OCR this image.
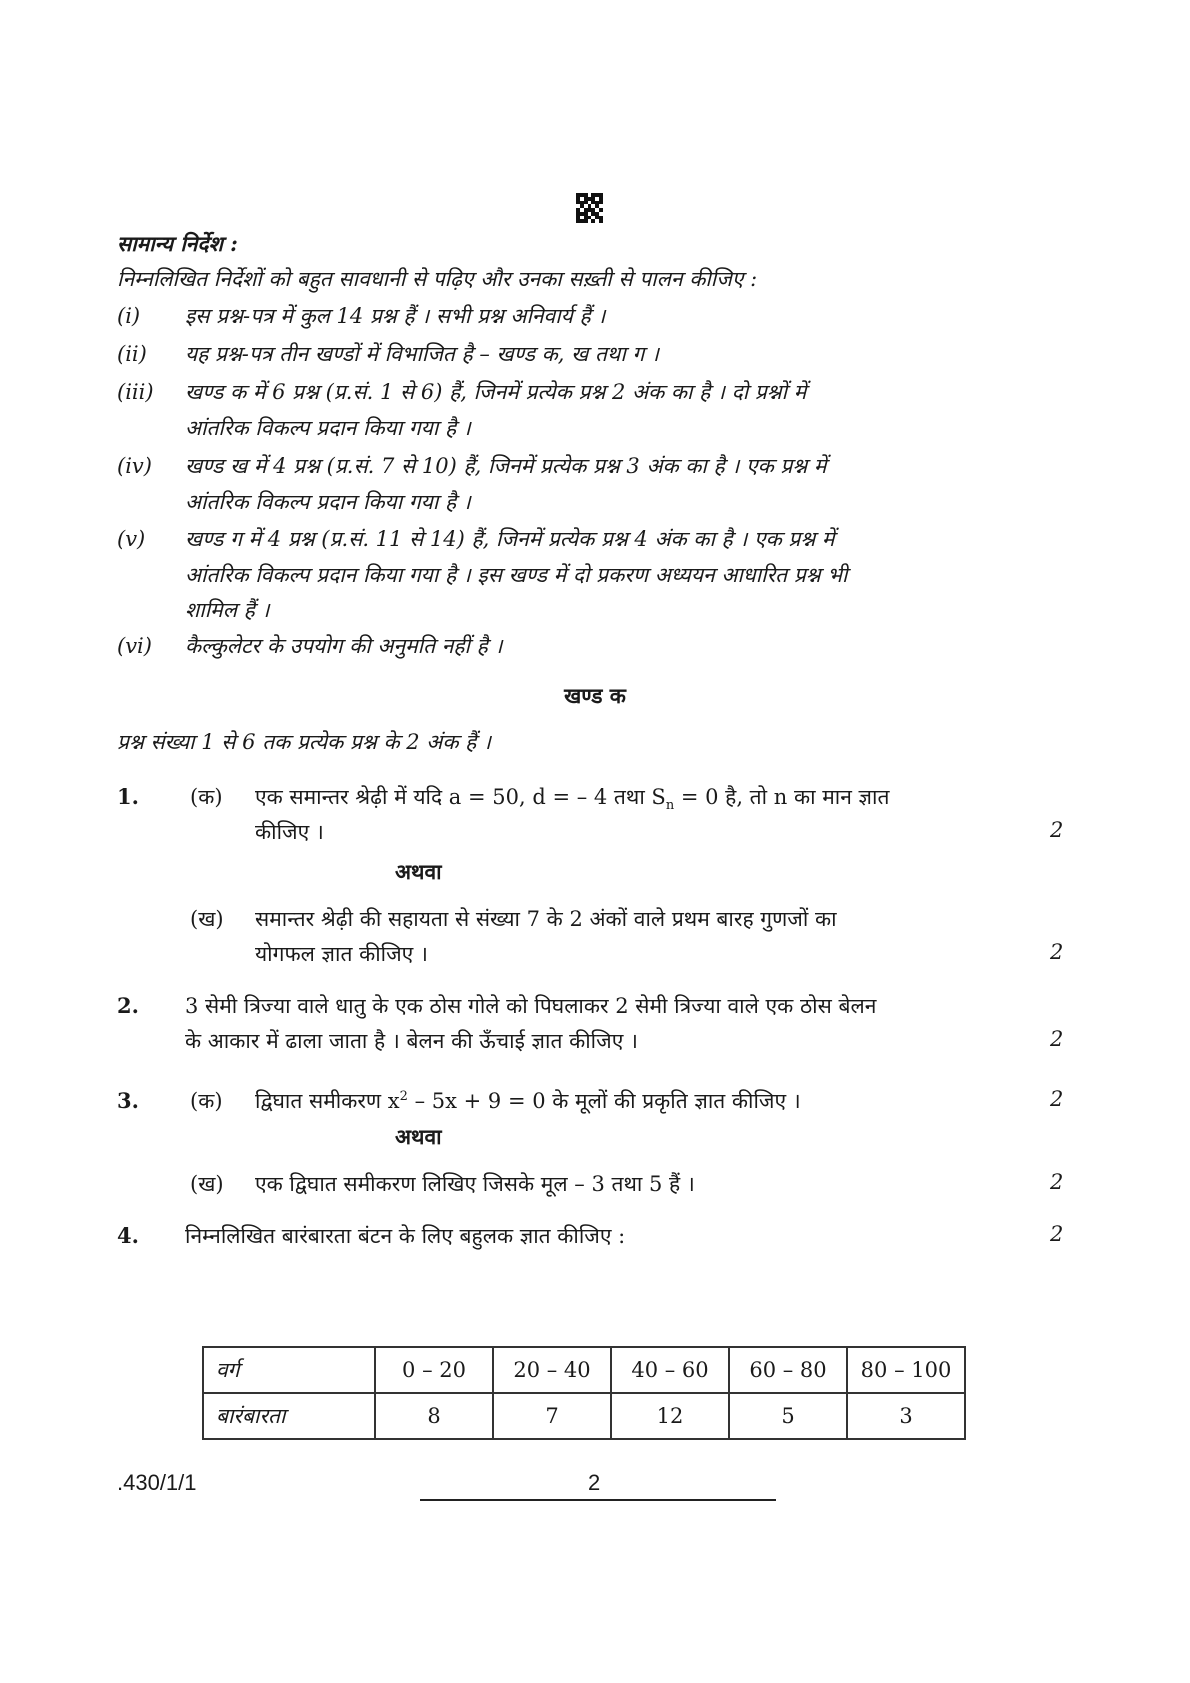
सामान्य निर्देश :
निम्नलिखित निर्देशों को बहुत सावधानी से पढ़िए और उनका सख़्ती से पालन कीजिए :
(i)	इस प्रश्न-पत्र में कुल 14 प्रश्न हैं । सभी प्रश्न अनिवार्य हैं ।
(ii)	यह प्रश्न-पत्र तीन खण्डों में विभाजित है – खण्ड क, ख तथा ग ।
(iii)	खण्ड क में 6 प्रश्न (प्र.सं. 1 से 6) हैं, जिनमें प्रत्येक प्रश्न 2 अंक का है । दो प्रश्नों में
आंतरिक विकल्प प्रदान किया गया है ।
(iv)	खण्ड ख में 4 प्रश्न (प्र.सं. 7 से 10) हैं, जिनमें प्रत्येक प्रश्न 3 अंक का है । एक प्रश्न में
आंतरिक विकल्प प्रदान किया गया है ।
(v)	खण्ड ग में 4 प्रश्न (प्र.सं. 11 से 14) हैं, जिनमें प्रत्येक प्रश्न 4 अंक का है । एक प्रश्न में
आंतरिक विकल्प प्रदान किया गया है । इस खण्ड में दो प्रकरण अध्ययन आधारित प्रश्न भी
शामिल हैं ।
(vi)	कैल्कुलेटर के उपयोग की अनुमति नहीं है ।
खण्ड क
प्रश्न संख्या 1 से 6 तक प्रत्येक प्रश्न के 2 अंक हैं ।
1. (क) एक समान्तर श्रेढ़ी में यदि a = 50, d = – 4 तथा $S_n = 0$ है, तो n का मान ज्ञात
कीजिए ।	2
अथवा
(ख) समान्तर श्रेढ़ी की सहायता से संख्या 7 के 2 अंकों वाले प्रथम बारह गुणजों का
योगफल ज्ञात कीजिए ।	2
2. 3 सेमी त्रिज्या वाले धातु के एक ठोस गोले को पिघलाकर 2 सेमी त्रिज्या वाले एक ठोस बेलन
के आकार में ढाला जाता है । बेलन की ऊँचाई ज्ञात कीजिए ।	2
3. (क) द्विघात समीकरण $x^2 - 5x + 9 = 0$ के मूलों की प्रकृति ज्ञात कीजिए ।	2
अथवा
(ख) एक द्विघात समीकरण लिखिए जिसके मूल – 3 तथा 5 हैं ।	2
4. निम्नलिखित बारंबारता बंटन के लिए बहुलक ज्ञात कीजिए :	2
वर्ग	0 – 20	20 – 40	40 – 60	60 – 80	80 – 100
बारंबारता	8	7	12	5	3
.430/1/1	2
